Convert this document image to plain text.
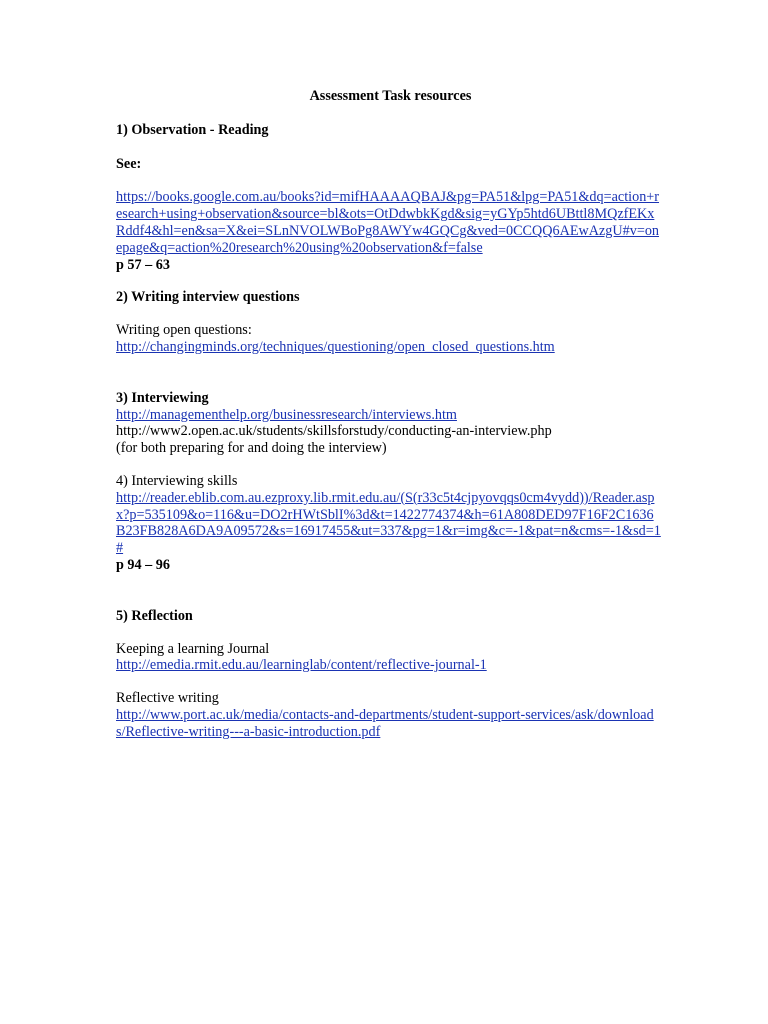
Assessment Task resources

1) Observation - Reading

See:

https://books.google.com.au/books?id=mifHAAAAQBAJ&pg=PA51&lpg=PA51&dq=action+research+using+observation&source=bl&ots=OtDdwbkKgd&sig=yGYp5htd6UBttl8MQzfEKxRddf4&hl=en&sa=X&ei=SLnNVOLWBoPg8AWYw4GQCg&ved=0CCQQ6AEwAzgU#v=onepage&q=action%20research%20using%20observation&f=false

p 57 – 63

2) Writing interview questions

Writing open questions:

http://changingminds.org/techniques/questioning/open_closed_questions.htm

3) Interviewing

http://managementhelp.org/businessresearch/interviews.htm

http://www2.open.ac.uk/students/skillsforstudy/conducting-an-interview.php

(for both preparing for and doing the interview)

4) Interviewing skills

http://reader.eblib.com.au.ezproxy.lib.rmit.edu.au/(S(r33c5t4cjpyovqqs0cm4vydd))/Reader.aspx?p=535109&o=116&u=DO2rHWtSblI%3d&t=1422774374&h=61A808DED97F16F2C1636B23FB828A6DA9A09572&s=16917455&ut=337&pg=1&r=img&c=-1&pat=n&cms=-1&sd=1#

p 94 – 96

5) Reflection

Keeping a learning Journal

http://emedia.rmit.edu.au/learninglab/content/reflective-journal-1

Reflective writing

http://www.port.ac.uk/media/contacts-and-departments/student-support-services/ask/downloads/Reflective-writing---a-basic-introduction.pdf
